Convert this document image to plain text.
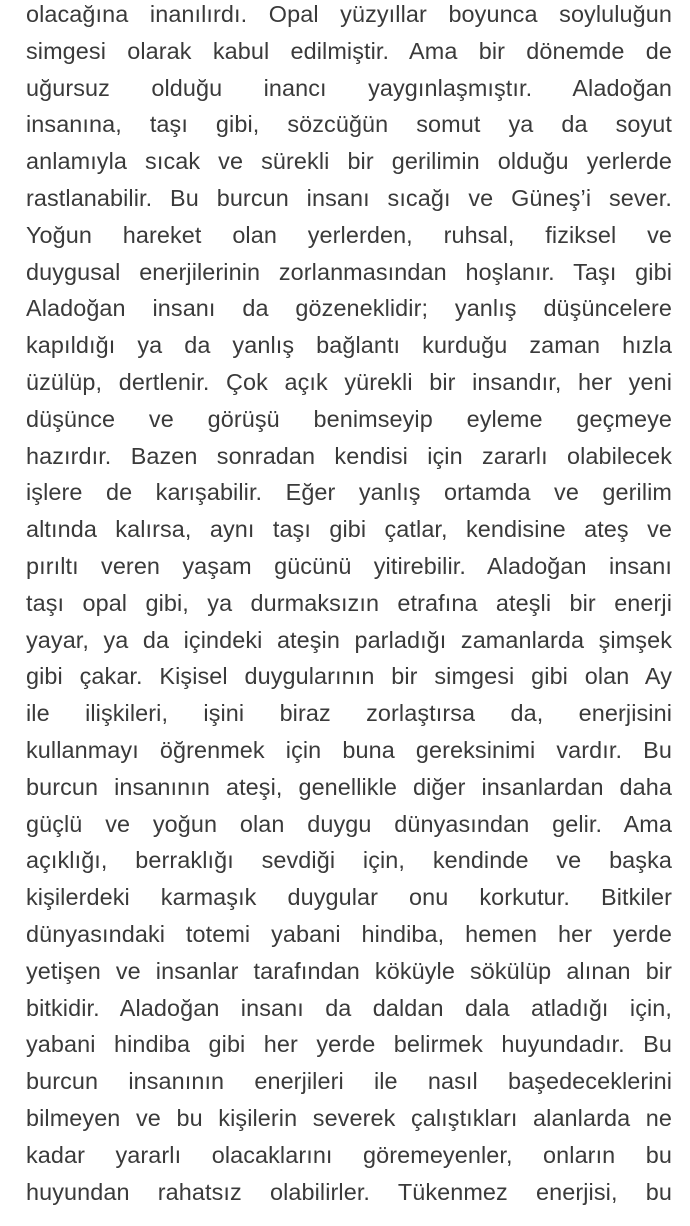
olacağına inanılırdı. Opal yüzyıllar boyunca soyluluğun
simgesi olarak kabul edilmiştir. Ama bir dönemde de
uğursuz olduğu inancı yaygınlaşmıştır. Aladoğan
insanına, taşı gibi, sözcüğün somut ya da soyut
anlamıyla sıcak ve sürekli bir gerilimin olduğu yerlerde
rastlanabilir. Bu burcun insanı sıcağı ve Güneş’i sever.
Yoğun hareket olan yerlerden, ruhsal, fiziksel ve
duygusal enerjilerinin zorlanmasından hoşlanır. Taşı gibi
Aladoğan insanı da gözeneklidir; yanlış düşüncelere
kapıldığı ya da yanlış bağlantı kurduğu zaman hızla
üzülüp, dertlenir. Çok açık yürekli bir insandır, her yeni
düşünce ve görüşü benimseyip eyleme geçmeye
hazırdır. Bazen sonradan kendisi için zararlı olabilecek
işlere de karışabilir. Eğer yanlış ortamda ve gerilim
altında kalırsa, aynı taşı gibi çatlar, kendisine ateş ve
pırıltı veren yaşam gücünü yitirebilir. Aladoğan insanı
taşı opal gibi, ya durmaksızın etrafına ateşli bir enerji
yayar, ya da içindeki ateşin parladığı zamanlarda şimşek
gibi çakar. Kişisel duygularının bir simgesi gibi olan Ay
ile ilişkileri, işini biraz zorlaştırsa da, enerjisini
kullanmayı öğrenmek için buna gereksinimi vardır. Bu
burcun insanının ateşi, genellikle diğer insanlardan daha
güçlü ve yoğun olan duygu dünyasından gelir. Ama
açıklığı, berraklığı sevdiği için, kendinde ve başka
kişilerdeki karmaşık duygular onu korkutur. Bitkiler
dünyasındaki totemi yabani hindiba, hemen her yerde
yetişen ve insanlar tarafından köküyle sökülüp alınan bir
bitkidir. Aladoğan insanı da daldan dala atladığı için,
yabani hindiba gibi her yerde belirmek huyundadır. Bu
burcun insanının enerjileri ile nasıl başedeceklerini
bilmeyen ve bu kişilerin severek çalıştıkları alanlarda ne
kadar yararlı olacaklarını göremeyenler, onların bu
huyundan rahatsız olabilirler. Tükenmez enerjisi, bu
